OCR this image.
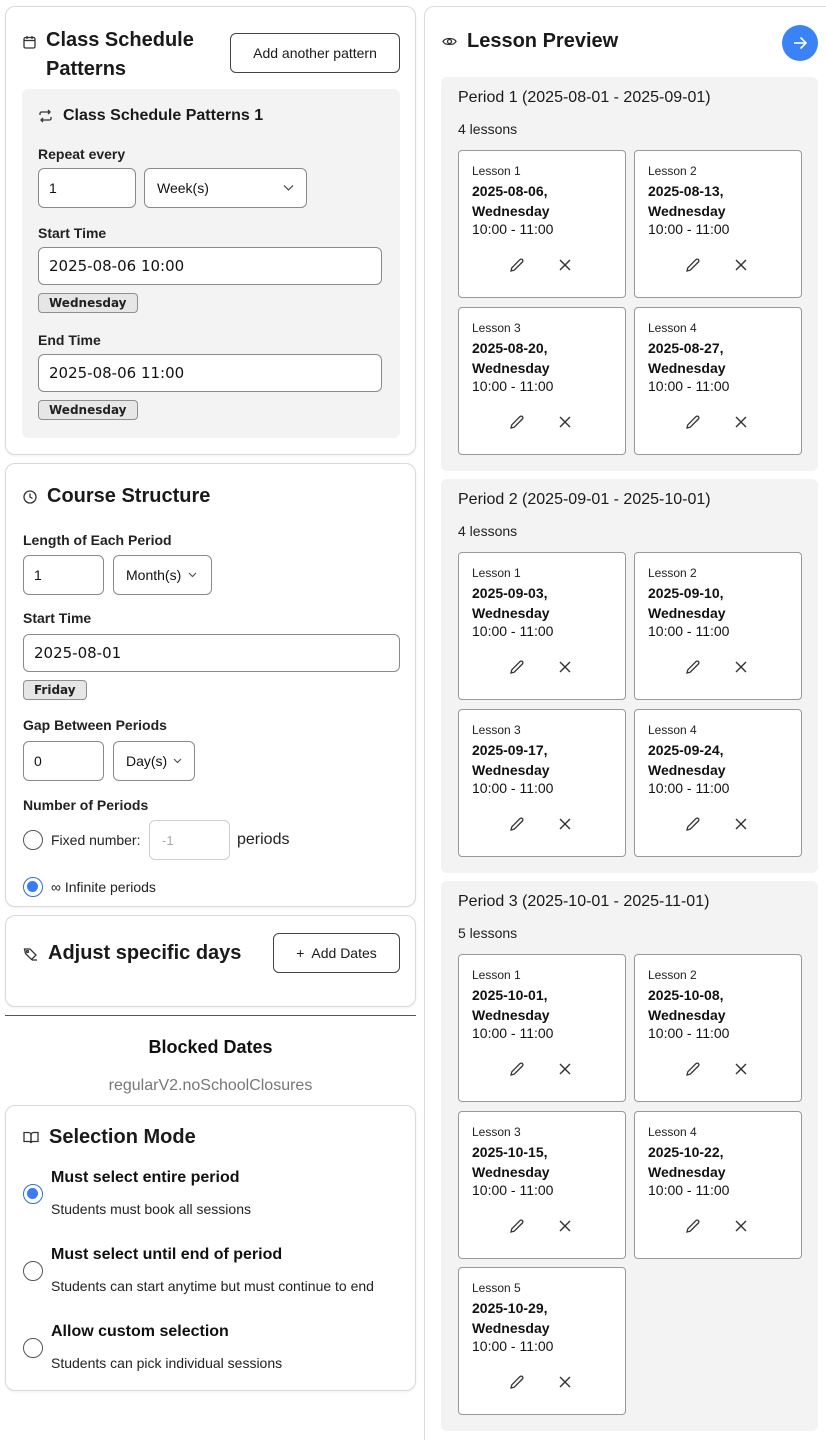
Class Schedule Patterns
Add another pattern
Class Schedule Patterns 1
Repeat every
1	Week(s)
Start Time
2025-08-06 10:00
Wednesday
End Time
2025-08-06 11:00
Wednesday
Course Structure
Length of Each Period
1	Month(s)
Start Time
2025-08-01
Friday
Gap Between Periods
0	Day(s)
Number of Periods
Fixed number:	-1	periods
∞ Infinite periods
Adjust specific days	+  Add Dates
Blocked Dates
regularV2.noSchoolClosures
Selection Mode
Must select entire period
Students must book all sessions
Must select until end of period
Students can start anytime but must continue to end
Allow custom selection
Students can pick individual sessions
Lesson Preview
Period 1 (2025-08-01 - 2025-09-01)
4 lessons
Lesson 1
2025-08-06, Wednesday
10:00 - 11:00
Lesson 2
2025-08-13, Wednesday
10:00 - 11:00
Lesson 3
2025-08-20, Wednesday
10:00 - 11:00
Lesson 4
2025-08-27, Wednesday
10:00 - 11:00
Period 2 (2025-09-01 - 2025-10-01)
4 lessons
Lesson 1
2025-09-03, Wednesday
10:00 - 11:00
Lesson 2
2025-09-10, Wednesday
10:00 - 11:00
Lesson 3
2025-09-17, Wednesday
10:00 - 11:00
Lesson 4
2025-09-24, Wednesday
10:00 - 11:00
Period 3 (2025-10-01 - 2025-11-01)
5 lessons
Lesson 1
2025-10-01, Wednesday
10:00 - 11:00
Lesson 2
2025-10-08, Wednesday
10:00 - 11:00
Lesson 3
2025-10-15, Wednesday
10:00 - 11:00
Lesson 4
2025-10-22, Wednesday
10:00 - 11:00
Lesson 5
2025-10-29, Wednesday
10:00 - 11:00
